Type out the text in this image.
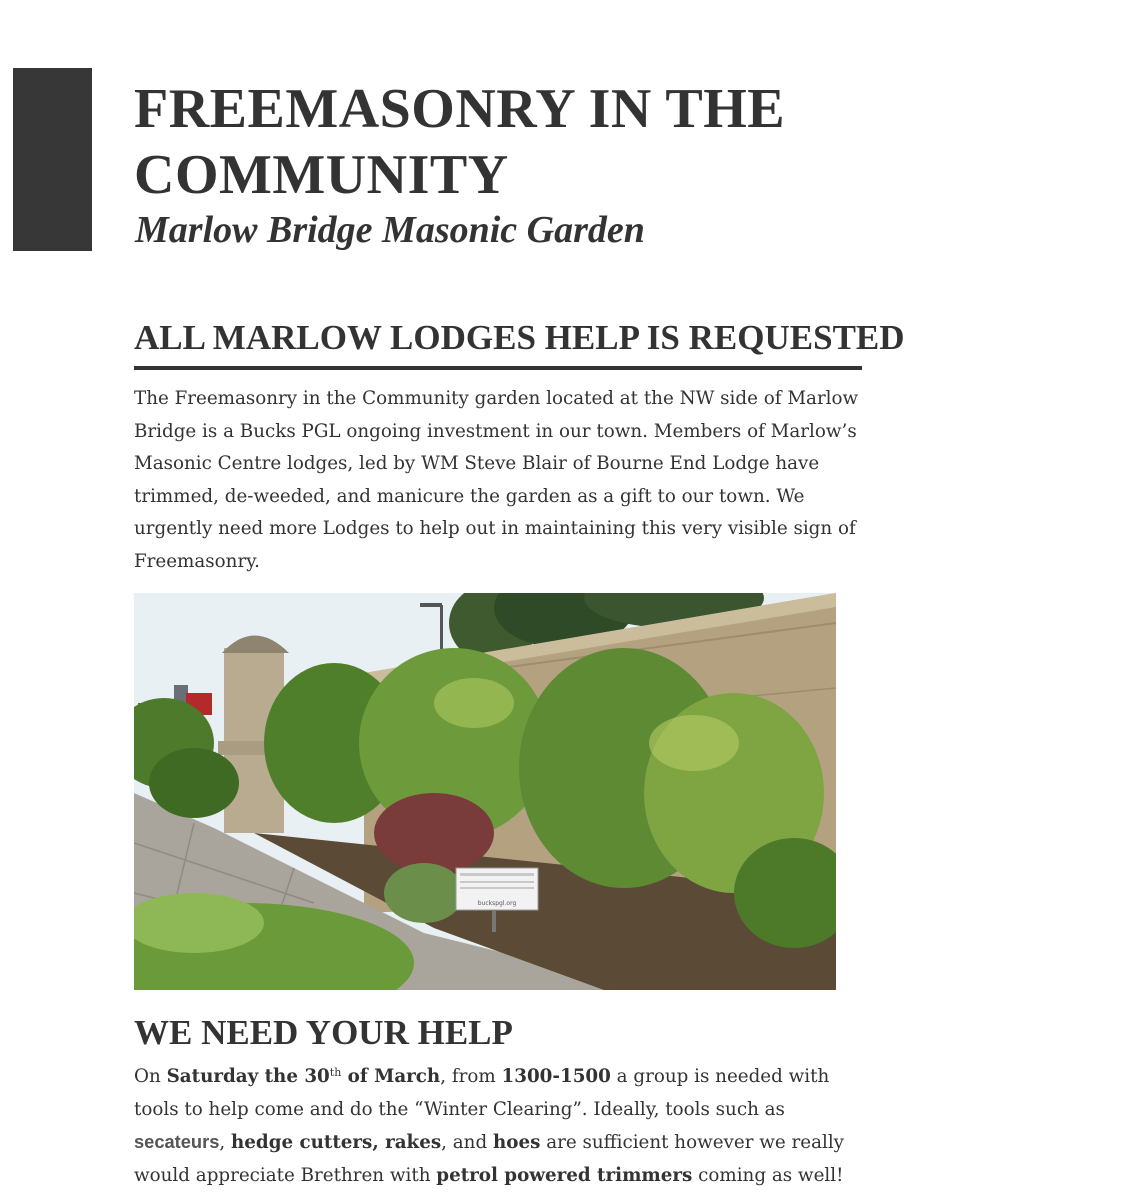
FREEMASONRY IN THE COMMUNITY
Marlow Bridge Masonic Garden
ALL MARLOW LODGES HELP IS REQUESTED

The Freemasonry in the Community garden located at the NW side of Marlow Bridge is a Bucks PGL ongoing investment in our town. Members of Marlow’s Masonic Centre lodges, led by WM Steve Blair of Bourne End Lodge have trimmed, de-weeded, and manicure the garden as a gift to our town. We urgently need more Lodges to help out in maintaining this very visible sign of Freemasonry.

buckspgl.org
WE NEED YOUR HELP

On Saturday the 30th of March, from 1300-1500 a group is needed with tools to help come and do the “Winter Clearing”. Ideally, tools such as secateurs, hedge cutters, rakes, and hoes are sufficient however we really would appreciate Brethren with petrol powered trimmers coming as well!
